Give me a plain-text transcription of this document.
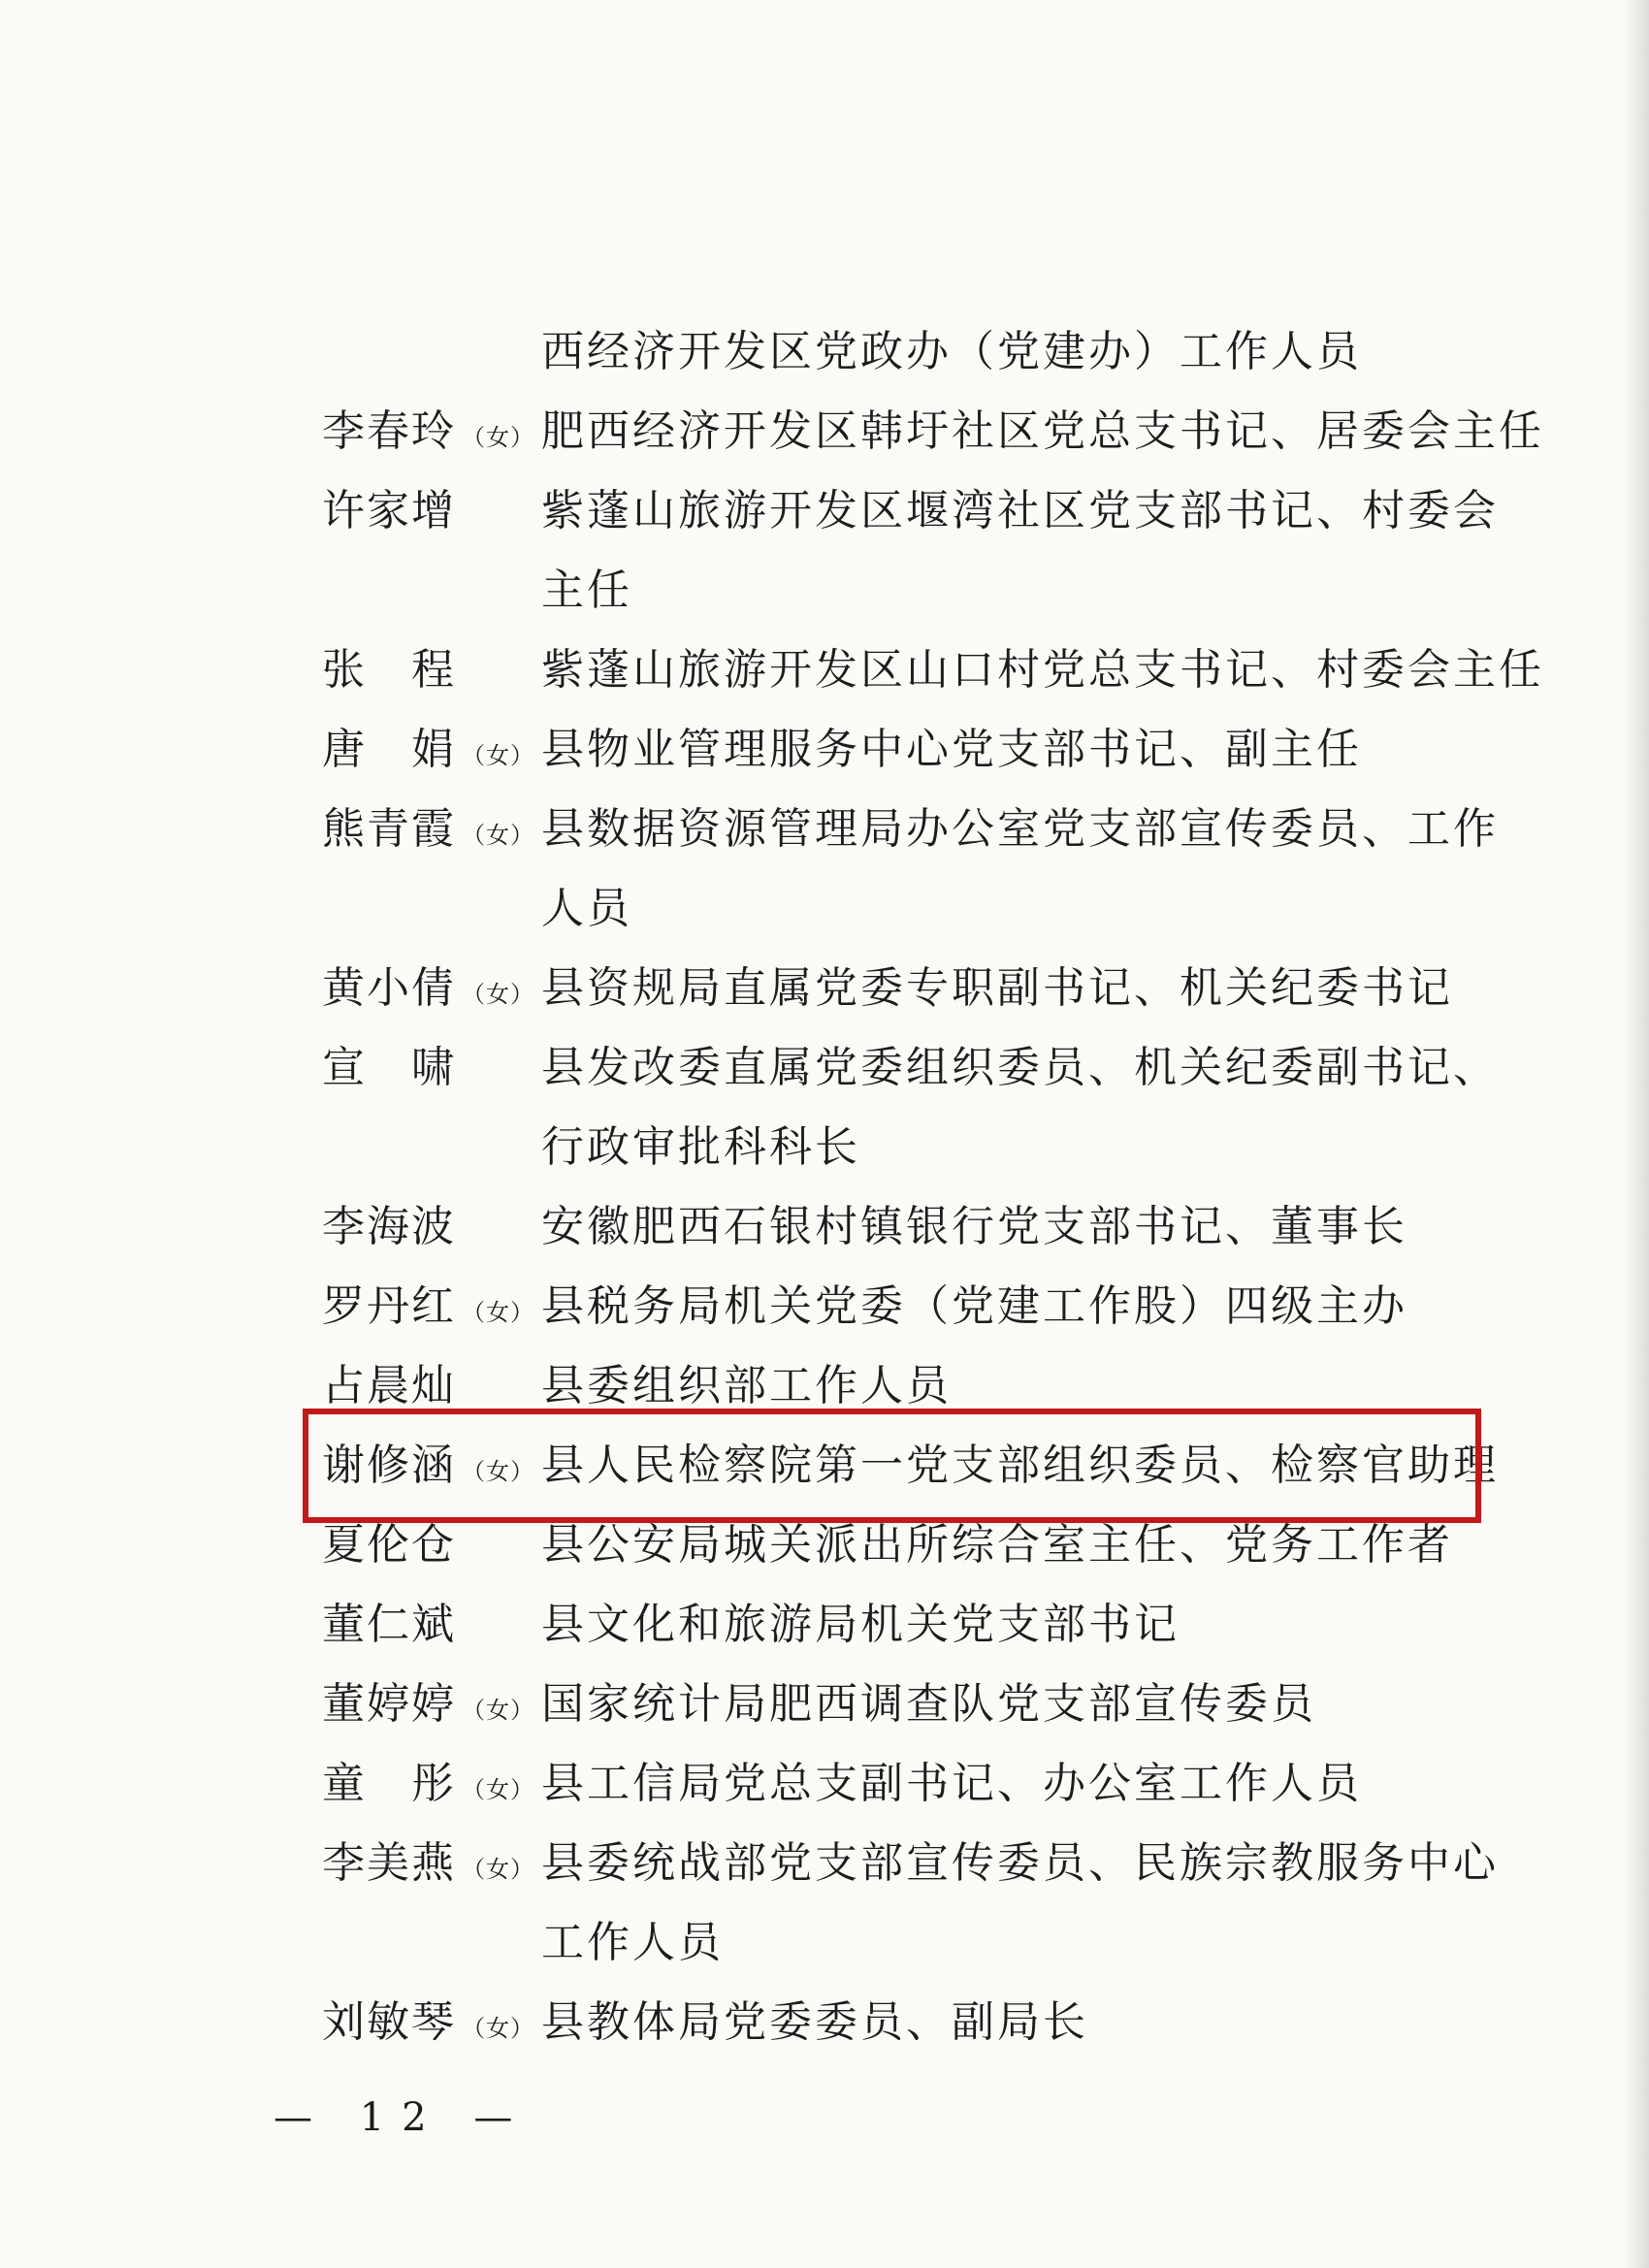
西经济开发区党政办（党建办）工作人员
李春玲 （女） 肥西经济开发区韩圩社区党总支书记、居委会主任
许家增 紫蓬山旅游开发区堰湾社区党支部书记、村委会
主任
张　程 紫蓬山旅游开发区山口村党总支书记、村委会主任
唐　娟 （女） 县物业管理服务中心党支部书记、副主任
熊青霞 （女） 县数据资源管理局办公室党支部宣传委员、工作
人员
黄小倩 （女） 县资规局直属党委专职副书记、机关纪委书记
宣　啸 县发改委直属党委组织委员、机关纪委副书记、
行政审批科科长
李海波 安徽肥西石银村镇银行党支部书记、董事长
罗丹红 （女） 县税务局机关党委（党建工作股）四级主办
占晨灿 县委组织部工作人员
谢修涵 （女） 县人民检察院第一党支部组织委员、检察官助理
夏伦仓 县公安局城关派出所综合室主任、党务工作者
董仁斌 县文化和旅游局机关党支部书记
董婷婷 （女） 国家统计局肥西调查队党支部宣传委员
童　彤 （女） 县工信局党总支副书记、办公室工作人员
李美燕 （女） 县委统战部党支部宣传委员、民族宗教服务中心
工作人员
刘敏琴 （女） 县教体局党委委员、副局长
— 12 —
